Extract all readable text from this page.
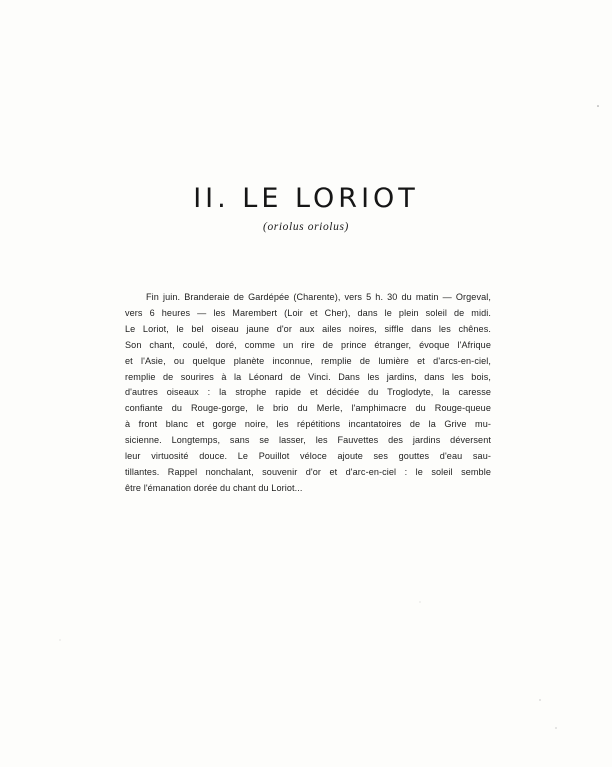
II. LE LORIOT

(oriolus oriolus)

Fin juin. Branderaie de Gardépée (Charente), vers 5 h. 30 du matin — Orgeval,
vers 6 heures — les Marembert (Loir et Cher), dans le plein soleil de midi.
Le Loriot, le bel oiseau jaune d'or aux ailes noires, siffle dans les chênes.
Son chant, coulé, doré, comme un rire de prince étranger, évoque l'Afrique
et l'Asie, ou quelque planète inconnue, remplie de lumière et d'arcs-en-ciel,
remplie de sourires à la Léonard de Vinci. Dans les jardins, dans les bois,
d'autres oiseaux : la strophe rapide et décidée du Troglodyte, la caresse
confiante du Rouge-gorge, le brio du Merle, l'amphimacre du Rouge-queue
à front blanc et gorge noire, les répétitions incantatoires de la Grive mu-
sicienne. Longtemps, sans se lasser, les Fauvettes des jardins déversent
leur virtuosité douce. Le Pouillot véloce ajoute ses gouttes d'eau sau-
tillantes. Rappel nonchalant, souvenir d'or et d'arc-en-ciel : le soleil semble
être l'émanation dorée du chant du Loriot...
